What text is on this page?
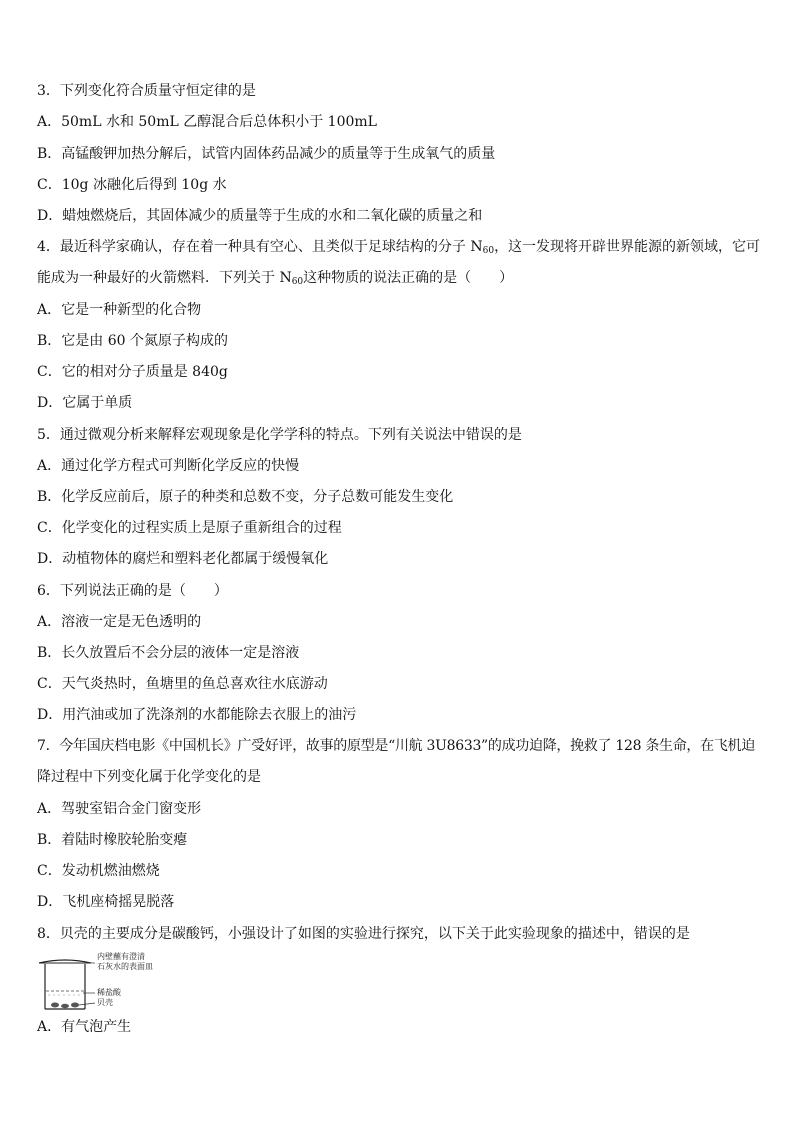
3．下列变化符合质量守恒定律的是
A．50mL 水和 50mL 乙醇混合后总体积小于 100mL
B．高锰酸钾加热分解后，试管内固体药品减少的质量等于生成氧气的质量
C．10g 冰融化后得到 10g 水
D．蜡烛燃烧后，其固体减少的质量等于生成的水和二氧化碳的质量之和
4．最近科学家确认，存在着一种具有空心、且类似于足球结构的分子 $N_{60}$，这一发现将开辟世界能源的新领域，它可
能成为一种最好的火箭燃料．下列关于 $N_{60}$这种物质的说法正确的是（　　）
A．它是一种新型的化合物
B．它是由 60 个氮原子构成的
C．它的相对分子质量是 840g
D．它属于单质
5．通过微观分析来解释宏观现象是化学学科的特点。下列有关说法中错误的是
A．通过化学方程式可判断化学反应的快慢
B．化学反应前后，原子的种类和总数不变，分子总数可能发生变化
C．化学变化的过程实质上是原子重新组合的过程
D．动植物体的腐烂和塑料老化都属于缓慢氧化
6．下列说法正确的是（　　）
A．溶液一定是无色透明的
B．长久放置后不会分层的液体一定是溶液
C．天气炎热时，鱼塘里的鱼总喜欢往水底游动
D．用汽油或加了洗涤剂的水都能除去衣服上的油污
7．今年国庆档电影《中国机长》广受好评，故事的原型是“川航 3U8633”的成功迫降，挽救了 128 条生命，在飞机迫
降过程中下列变化属于化学变化的是
A．驾驶室铝合金门窗变形
B．着陆时橡胶轮胎变瘪
C．发动机燃油燃烧
D．飞机座椅摇晃脱落
8．贝壳的主要成分是碳酸钙，小强设计了如图的实验进行探究，以下关于此实验现象的描述中，错误的是
内壁蘸有澄清
石灰水的表面皿
稀盐酸
贝壳
A．有气泡产生
